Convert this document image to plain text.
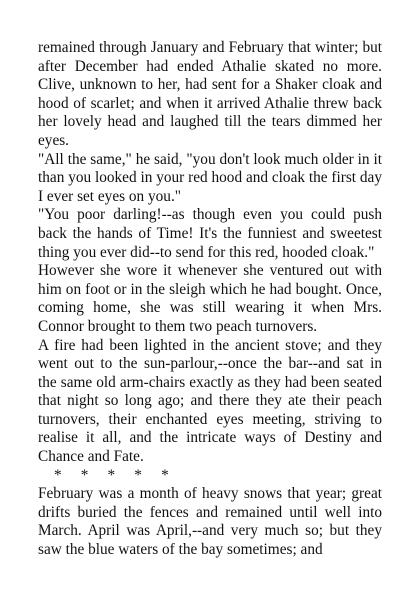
remained through January and February that winter; but after December had ended Athalie skated no more. Clive, unknown to her, had sent for a Shaker cloak and hood of scarlet; and when it arrived Athalie threw back her lovely head and laughed till the tears dimmed her eyes.

"All the same," he said, "you don't look much older in it than you looked in your red hood and cloak the first day I ever set eyes on you."

"You poor darling!--as though even you could push back the hands of Time! It's the funniest and sweetest thing you ever did--to send for this red, hooded cloak."

However she wore it whenever she ventured out with him on foot or in the sleigh which he had bought. Once, coming home, she was still wearing it when Mrs. Connor brought to them two peach turnovers.

A fire had been lighted in the ancient stove; and they went out to the sun-parlour,--once the bar--and sat in the same old arm-chairs exactly as they had been seated that night so long ago; and there they ate their peach turnovers, their enchanted eyes meeting, striving to realise it all, and the intricate ways of Destiny and Chance and Fate.

*     *     *     *     *

February was a month of heavy snows that year; great drifts buried the fences and remained until well into March. April was April,--and very much so; but they saw the blue waters of the bay sometimes; and
